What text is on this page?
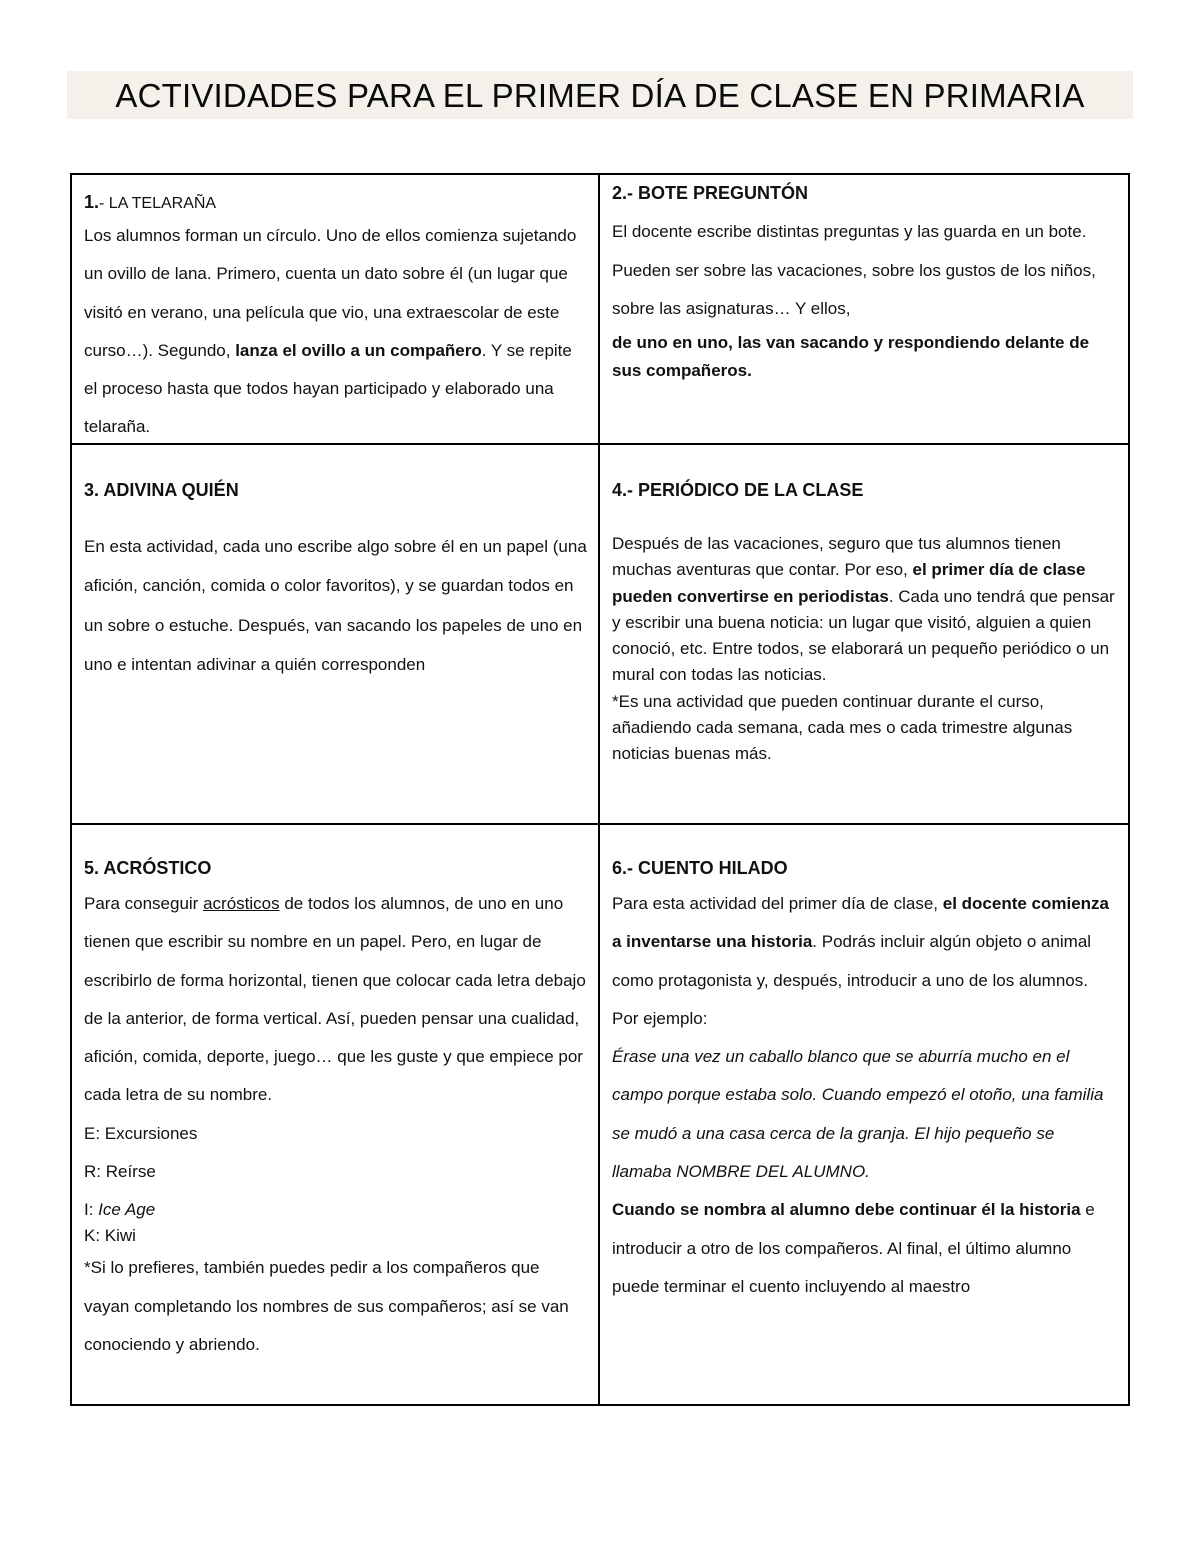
ACTIVIDADES PARA EL PRIMER DÍA DE CLASE EN PRIMARIA

1.- LA TELARAÑA

Los alumnos forman un círculo. Uno de ellos comienza sujetando un ovillo de lana. Primero, cuenta un dato sobre él (un lugar que visitó en verano, una película que vio, una extraescolar de este curso…). Segundo, lanza el ovillo a un compañero. Y se repite el proceso hasta que todos hayan participado y elaborado una telaraña.

2.- BOTE PREGUNTÓN

El docente escribe distintas preguntas y las guarda en un bote. Pueden ser sobre las vacaciones, sobre los gustos de los niños, sobre las asignaturas… Y ellos,

de uno en uno, las van sacando y respondiendo delante de sus compañeros.

3. ADIVINA QUIÉN

En esta actividad, cada uno escribe algo sobre él en un papel (una afición, canción, comida o color favoritos), y se guardan todos en un sobre o estuche. Después, van sacando los papeles de uno en uno e intentan adivinar a quién corresponden

4.- PERIÓDICO DE LA CLASE

Después de las vacaciones, seguro que tus alumnos tienen muchas aventuras que contar. Por eso, el primer día de clase pueden convertirse en periodistas. Cada uno tendrá que pensar y escribir una buena noticia: un lugar que visitó, alguien a quien conoció, etc. Entre todos, se elaborará un pequeño periódico o un mural con todas las noticias.

*Es una actividad que pueden continuar durante el curso, añadiendo cada semana, cada mes o cada trimestre algunas noticias buenas más.

5. ACRÓSTICO

Para conseguir acrósticos de todos los alumnos, de uno en uno tienen que escribir su nombre en un papel. Pero, en lugar de escribirlo de forma horizontal, tienen que colocar cada letra debajo de la anterior, de forma vertical. Así, pueden pensar una cualidad, afición, comida, deporte, juego… que les guste y que empiece por cada letra de su nombre.

E: Excursiones

R: Reírse

I: Ice Age

K: Kiwi

*Si lo prefieres, también puedes pedir a los compañeros que vayan completando los nombres de sus compañeros; así se van conociendo y abriendo.

6.- CUENTO HILADO

Para esta actividad del primer día de clase, el docente comienza a inventarse una historia. Podrás incluir algún objeto o animal como protagonista y, después, introducir a uno de los alumnos. Por ejemplo:

Érase una vez un caballo blanco que se aburría mucho en el campo porque estaba solo. Cuando empezó el otoño, una familia se mudó a una casa cerca de la granja. El hijo pequeño se llamaba NOMBRE DEL ALUMNO.

Cuando se nombra al alumno debe continuar él la historia e introducir a otro de los compañeros. Al final, el último alumno puede terminar el cuento incluyendo al maestro
